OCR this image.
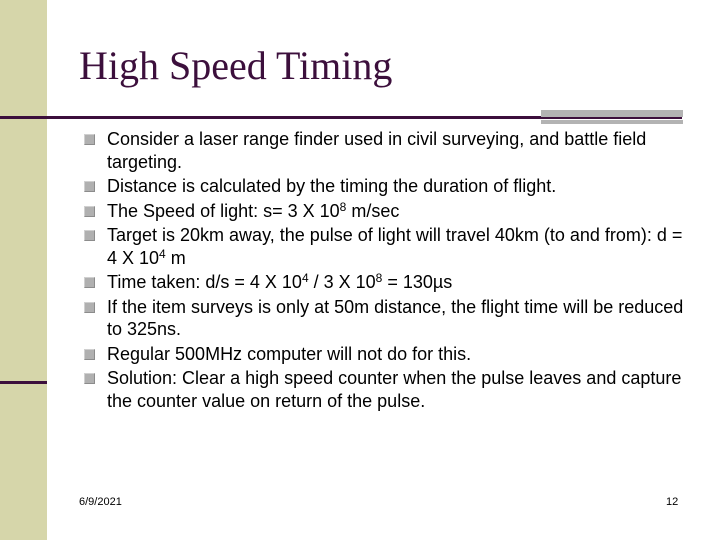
High Speed Timing
Consider a laser range finder used in civil surveying, and battle field targeting.
Distance is calculated by the timing the duration of flight.
The Speed of light: s= 3 X $10^8$ m/sec
Target is 20km away, the pulse of light will travel 40km (to and from): d = 4 X $10^4$ m
Time taken: d/s = 4 X $10^4 / 3$ X $10^8 = 130\mu s$
If the item surveys is only at 50m distance, the flight time will be reduced to 325ns.
Regular 500MHz computer will not do for this.
Solution: Clear a high speed counter when the pulse leaves and capture the counter value on return of the pulse.
6/9/2021	12
